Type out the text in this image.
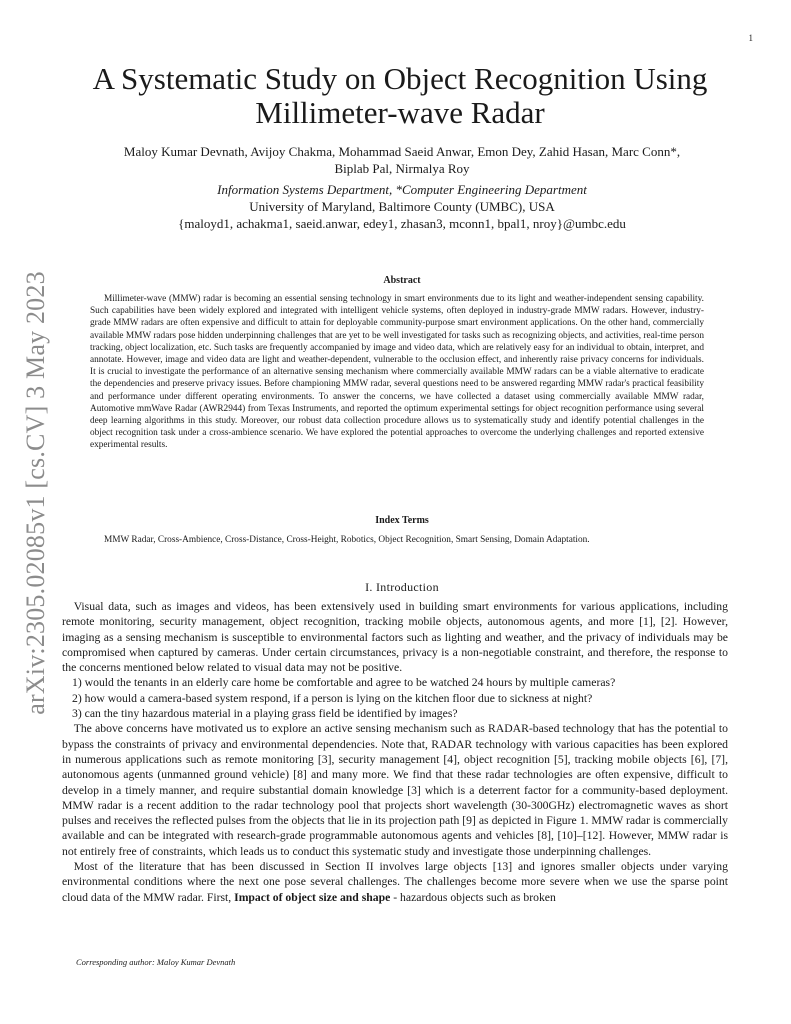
1
arXiv:2305.02085v1 [cs.CV] 3 May 2023
A Systematic Study on Object Recognition Using
Millimeter-wave Radar
Maloy Kumar Devnath, Avijoy Chakma, Mohammad Saeid Anwar, Emon Dey, Zahid Hasan, Marc Conn*,
Biplab Pal, Nirmalya Roy
Information Systems Department, *Computer Engineering Department
University of Maryland, Baltimore County (UMBC), USA
{maloyd1, achakma1, saeid.anwar, edey1, zhasan3, mconn1, bpal1, nroy}@umbc.edu
Abstract

Millimeter-wave (MMW) radar is becoming an essential sensing technology in smart environments due to its light and weather-independent sensing capability. Such capabilities have been widely explored and integrated with intelligent vehicle systems, often deployed in industry-grade MMW radars. However, industry-grade MMW radars are often expensive and difficult to attain for deployable community-purpose smart environment applications. On the other hand, commercially available MMW radars pose hidden underpinning challenges that are yet to be well investigated for tasks such as recognizing objects, and activities, real-time person tracking, object localization, etc. Such tasks are frequently accompanied by image and video data, which are relatively easy for an individual to obtain, interpret, and annotate. However, image and video data are light and weather-dependent, vulnerable to the occlusion effect, and inherently raise privacy concerns for individuals. It is crucial to investigate the performance of an alternative sensing mechanism where commercially available MMW radars can be a viable alternative to eradicate the dependencies and preserve privacy issues. Before championing MMW radar, several questions need to be answered regarding MMW radar's practical feasibility and performance under different operating environments. To answer the concerns, we have collected a dataset using commercially available MMW radar, Automotive mmWave Radar (AWR2944) from Texas Instruments, and reported the optimum experimental settings for object recognition performance using several deep learning algorithms in this study. Moreover, our robust data collection procedure allows us to systematically study and identify potential challenges in the object recognition task under a cross-ambience scenario. We have explored the potential approaches to overcome the underlying challenges and reported extensive experimental results.

Index Terms

MMW Radar, Cross-Ambience, Cross-Distance, Cross-Height, Robotics, Object Recognition, Smart Sensing, Domain Adaptation.

I. Introduction

Visual data, such as images and videos, has been extensively used in building smart environments for various applications, including remote monitoring, security management, object recognition, tracking mobile objects, autonomous agents, and more [1], [2]. However, imaging as a sensing mechanism is susceptible to environmental factors such as lighting and weather, and the privacy of individuals may be compromised when captured by cameras. Under certain circumstances, privacy is a non-negotiable constraint, and therefore, the response to the concerns mentioned below related to visual data may not be positive.

1) would the tenants in an elderly care home be comfortable and agree to be watched 24 hours by multiple cameras?
2) how would a camera-based system respond, if a person is lying on the kitchen floor due to sickness at night?
3) can the tiny hazardous material in a playing grass field be identified by images?

The above concerns have motivated us to explore an active sensing mechanism such as RADAR-based technology that has the potential to bypass the constraints of privacy and environmental dependencies. Note that, RADAR technology with various capacities has been explored in numerous applications such as remote monitoring [3], security management [4], object recognition [5], tracking mobile objects [6], [7], autonomous agents (unmanned ground vehicle) [8] and many more. We find that these radar technologies are often expensive, difficult to develop in a timely manner, and require substantial domain knowledge [3] which is a deterrent factor for a community-based deployment. MMW radar is a recent addition to the radar technology pool that projects short wavelength (30-300GHz) electromagnetic waves as short pulses and receives the reflected pulses from the objects that lie in its projection path [9] as depicted in Figure 1. MMW radar is commercially available and can be integrated with research-grade programmable autonomous agents and vehicles [8], [10]–[12]. However, MMW radar is not entirely free of constraints, which leads us to conduct this systematic study and investigate those underpinning challenges.

Most of the literature that has been discussed in Section II involves large objects [13] and ignores smaller objects under varying environmental conditions where the next one pose several challenges. The challenges become more severe when we use the sparse point cloud data of the MMW radar. First, Impact of object size and shape - hazardous objects such as broken

Corresponding author: Maloy Kumar Devnath
